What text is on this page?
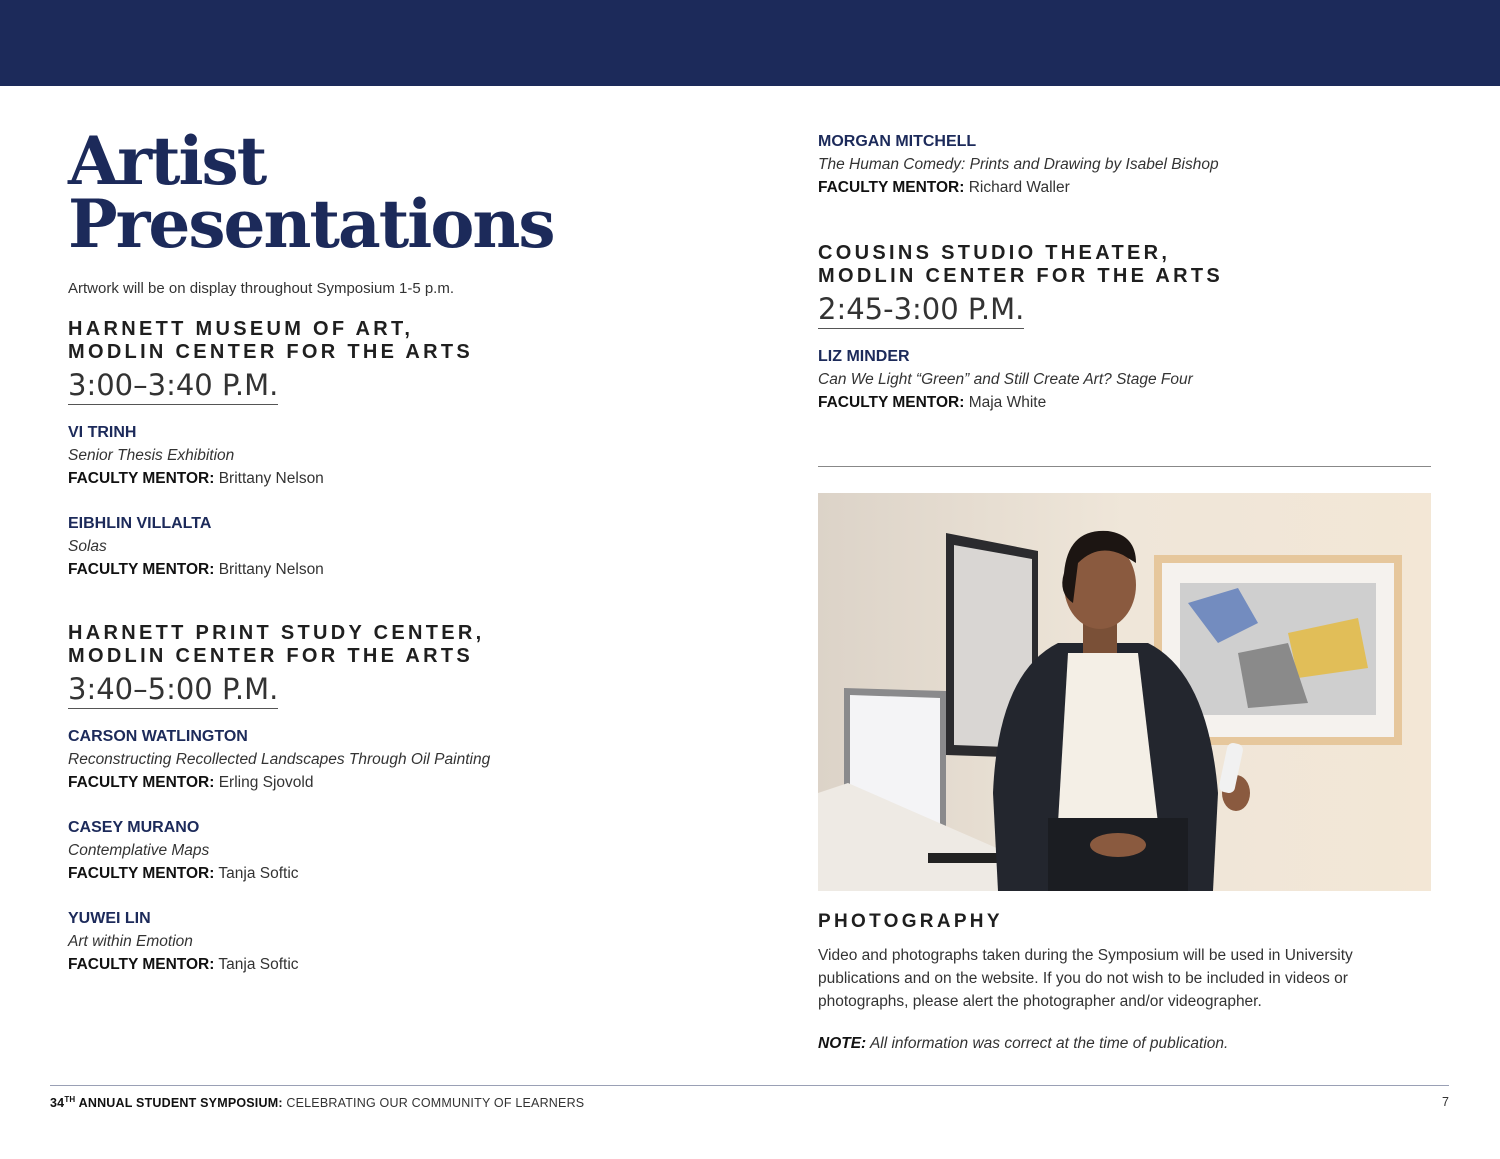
Artist
Presentations
Artwork will be on display throughout Symposium 1-5 p.m.
HARNETT MUSEUM OF ART,
MODLIN CENTER FOR THE ARTS
3:00–3:40 P.M.
VI TRINH
Senior Thesis Exhibition
FACULTY MENTOR: Brittany Nelson
EIBHLIN VILLALTA
Solas
FACULTY MENTOR: Brittany Nelson
HARNETT PRINT STUDY CENTER,
MODLIN CENTER FOR THE ARTS
3:40–5:00 P.M.
CARSON WATLINGTON
Reconstructing Recollected Landscapes Through Oil Painting
FACULTY MENTOR: Erling Sjovold
CASEY MURANO
Contemplative Maps
FACULTY MENTOR: Tanja Softic
YUWEI LIN
Art within Emotion
FACULTY MENTOR: Tanja Softic
MORGAN MITCHELL
The Human Comedy: Prints and Drawing by Isabel Bishop
FACULTY MENTOR: Richard Waller
COUSINS STUDIO THEATER,
MODLIN CENTER FOR THE ARTS
2:45-3:00 P.M.
LIZ MINDER
Can We Light “Green” and Still Create Art? Stage Four
FACULTY MENTOR: Maja White
PHOTOGRAPHY
Video and photographs taken during the Symposium will be used in University publications and on the website. If you do not wish to be included in videos or photographs, please alert the photographer and/or videographer.
NOTE: All information was correct at the time of publication.
34TH ANNUAL STUDENT SYMPOSIUM: CELEBRATING OUR COMMUNITY OF LEARNERS	7
